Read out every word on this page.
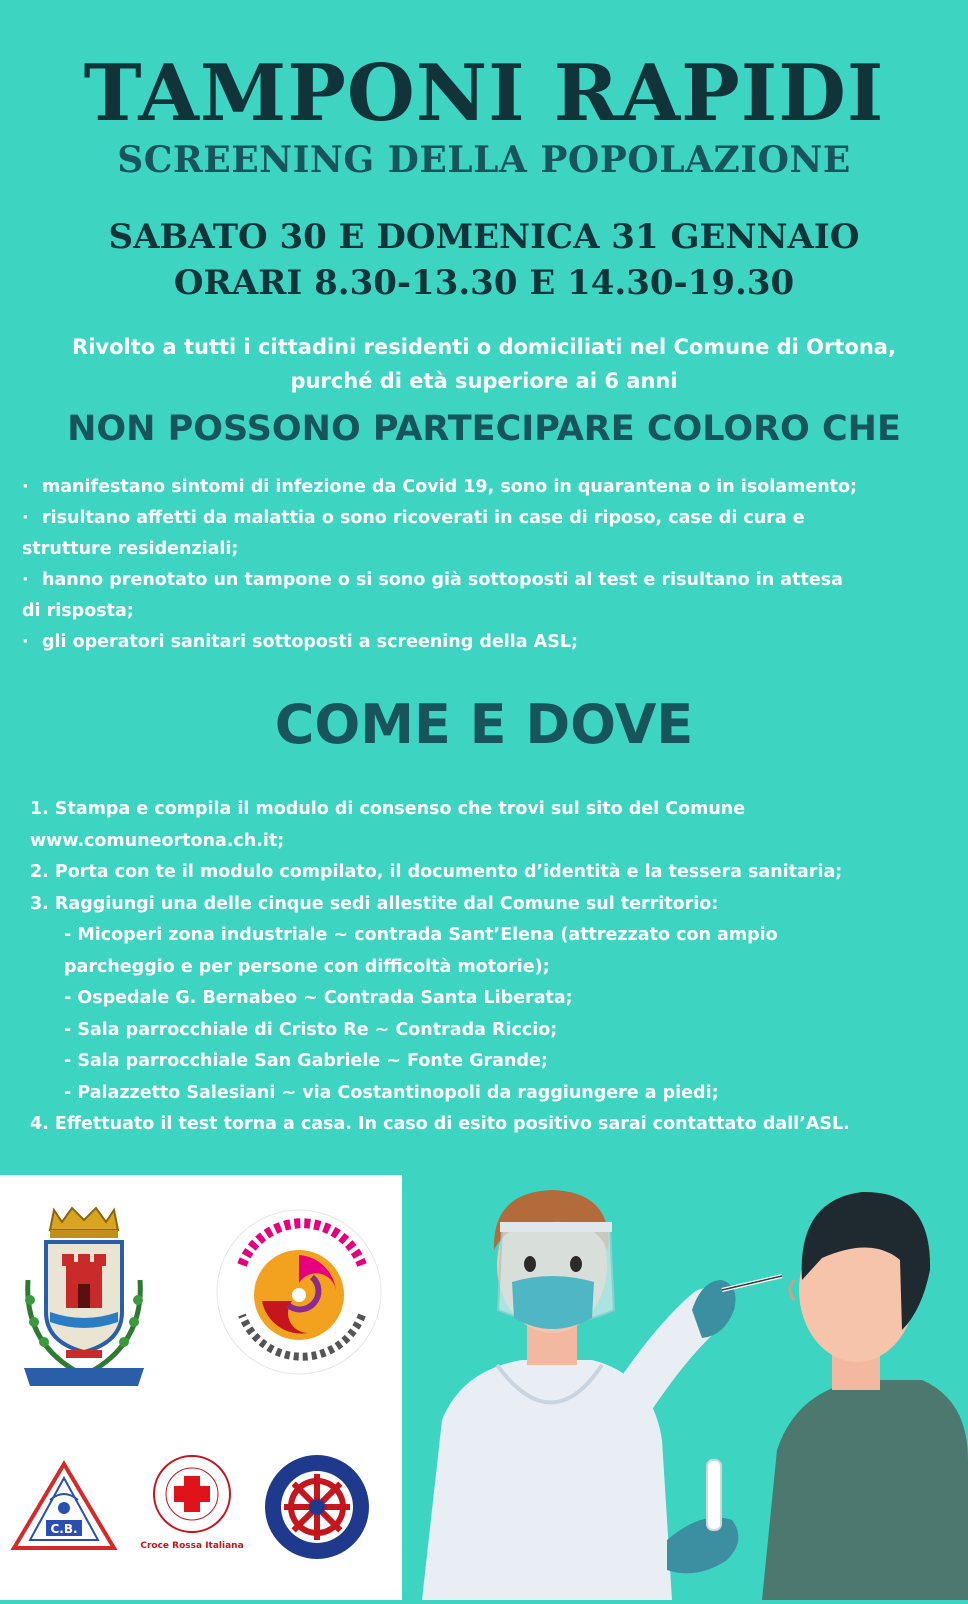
TAMPONI RAPIDI
SCREENING DELLA POPOLAZIONE
SABATO 30 E DOMENICA 31 GENNAIO
ORARI 8.30-13.30 E 14.30-19.30
Rivolto a tutti i cittadini residenti o domiciliati nel Comune di Ortona,
purché di età superiore ai 6 anni
NON POSSONO PARTECIPARE COLORO CHE
· manifestano sintomi di infezione da Covid 19, sono in quarantena o in isolamento;
· risultano affetti da malattia o sono ricoverati in case di riposo, case di cura e
strutture residenziali;
· hanno prenotato un tampone o si sono già sottoposti al test e risultano in attesa
di risposta;
· gli operatori sanitari sottoposti a screening della ASL;
COME E DOVE
1. Stampa e compila il modulo di consenso che trovi sul sito del Comune
www.comuneortona.ch.it;
2. Porta con te il modulo compilato, il documento d’identità e la tessera sanitaria;
3. Raggiungi una delle cinque sedi allestite dal Comune sul territorio:
- Micoperi zona industriale ~ contrada Sant’Elena (attrezzato con ampio
parcheggio e per persone con difficoltà motorie);
- Ospedale G. Bernabeo ~ Contrada Santa Liberata;
- Sala parrocchiale di Cristo Re ~ Contrada Riccio;
- Sala parrocchiale San Gabriele ~ Fonte Grande;
- Palazzetto Salesiani ~ via Costantinopoli da raggiungere a piedi;
4. Effettuato il test torna a casa. In caso di esito positivo sarai contattato dall’ASL.
C.B.
Croce Rossa Italiana
